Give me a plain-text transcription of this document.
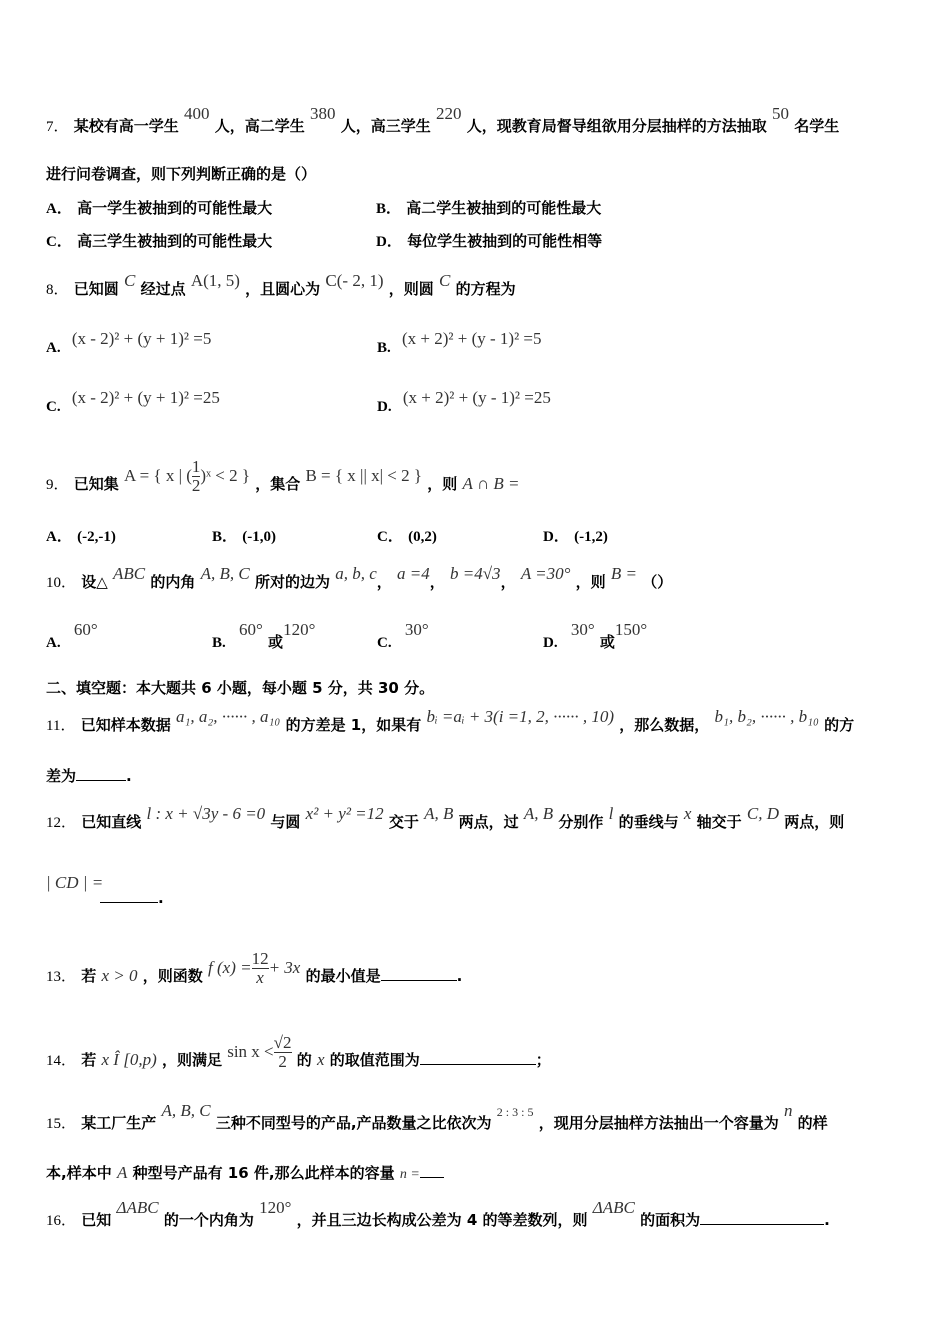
7． 某校有高一学生 400 人，高二学生 380 人，高三学生 220 人，现教育局督导组欲用分层抽样的方法抽取 50 名学生
进行问卷调查，则下列判断正确的是（）
A． 高一学生被抽到的可能性最大	B． 高二学生被抽到的可能性最大
C． 高三学生被抽到的可能性最大	D． 每位学生被抽到的可能性相等
8． 已知圆 C 经过点 A(1, 5) ，且圆心为 C(- 2, 1) ，则圆 C 的方程为
A. (x - 2)² + (y + 1)² =5	B. (x + 2)² + (y - 1)² =5
C. (x - 2)² + (y + 1)² =25	D. (x + 2)² + (y - 1)² =25
9． 已知集 A = { x | ( $\frac{1}{2}$ )ˣ < 2 } ，集合 B = { x || x| < 2 } ，则 A ∩ B =
A． (-2,-1)	B． (-1,0)	C． (0,2)	D． (-1,2)
10． 设△ ABC 的内角 A, B, C 所对的边为 a, b, c， a =4， b =4√3， A =30° ，则 B = （）
A. 60°
B. 60° 或120°
C. 30°
D. 30° 或150°
二、填空题：本大题共 6 小题，每小题 5 分，共 30 分。
11． 已知样本数据 a₁, a₂, ······ , a₁₀ 的方差是 1，如果有 bᵢ =aᵢ + 3(i =1, 2, ······ , 10) ，那么数据， b₁, b₂, ······ , b₁₀ 的方
差为	.
12． 已知直线 l : x + √3y - 6 =0 与圆 x² + y² =12 交于 A, B 两点，过 A, B 分别作 l 的垂线与 x 轴交于 C, D 两点，则
| CD | =
.
13． 若 x > 0 ，则函数 f $(x) = \frac{12}{x} + 3x$ 的最小值是	.
14． 若 x Î [0,p) ，则满足 $\sin x < \frac{√2}{2}$ 的 x 的取值范围为	；
15． 某工厂生产 A, B, C 三种不同型号的产品,产品数量之比依次为 $^{2 : 3 : 5}$ ，现用分层抽样方法抽出一个容量为 n 的样
本,样本中 A 种型号产品有 16 件,那么此样本的容量 n =
16． 已知 ΔABC 的一个内角为 120° ，并且三边长构成公差为 4 的等差数列，则 ΔABC 的面积为	.
